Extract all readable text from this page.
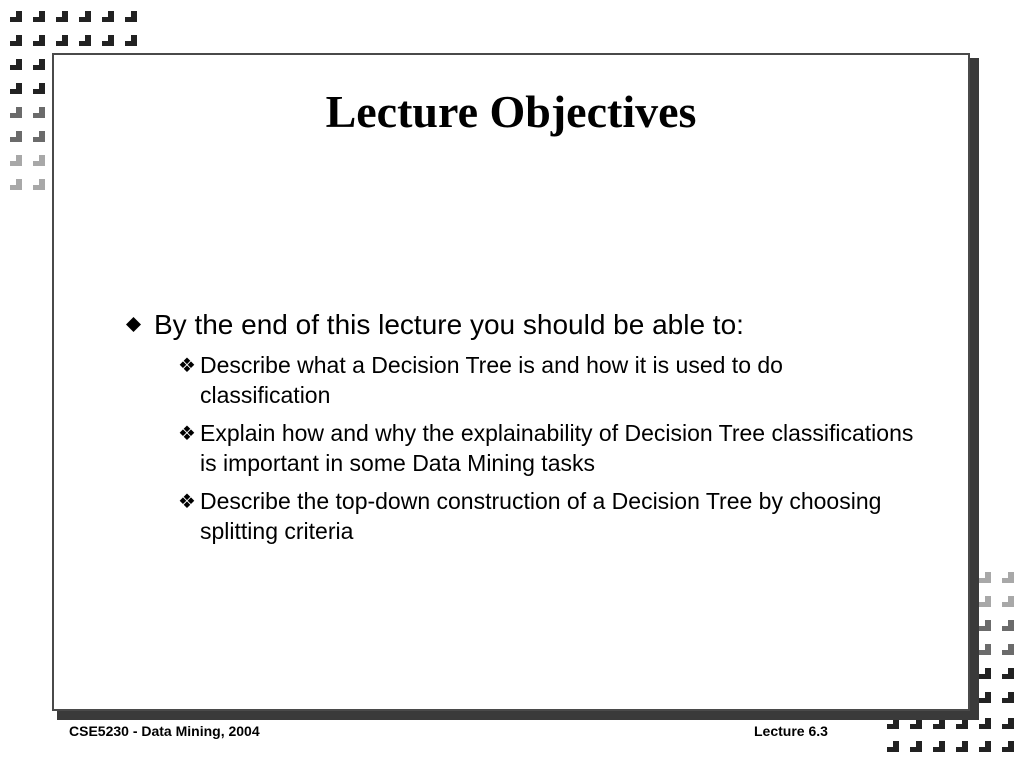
Lecture Objectives
By the end of this lecture you should be able to:
❖ Describe what a Decision Tree is and how it is used to do classification
❖ Explain how and why the explainability of Decision Tree classifications is important in some Data Mining tasks
❖ Describe the top-down construction of a Decision Tree by choosing splitting criteria
CSE5230 - Data Mining, 2004	Lecture 6.3
